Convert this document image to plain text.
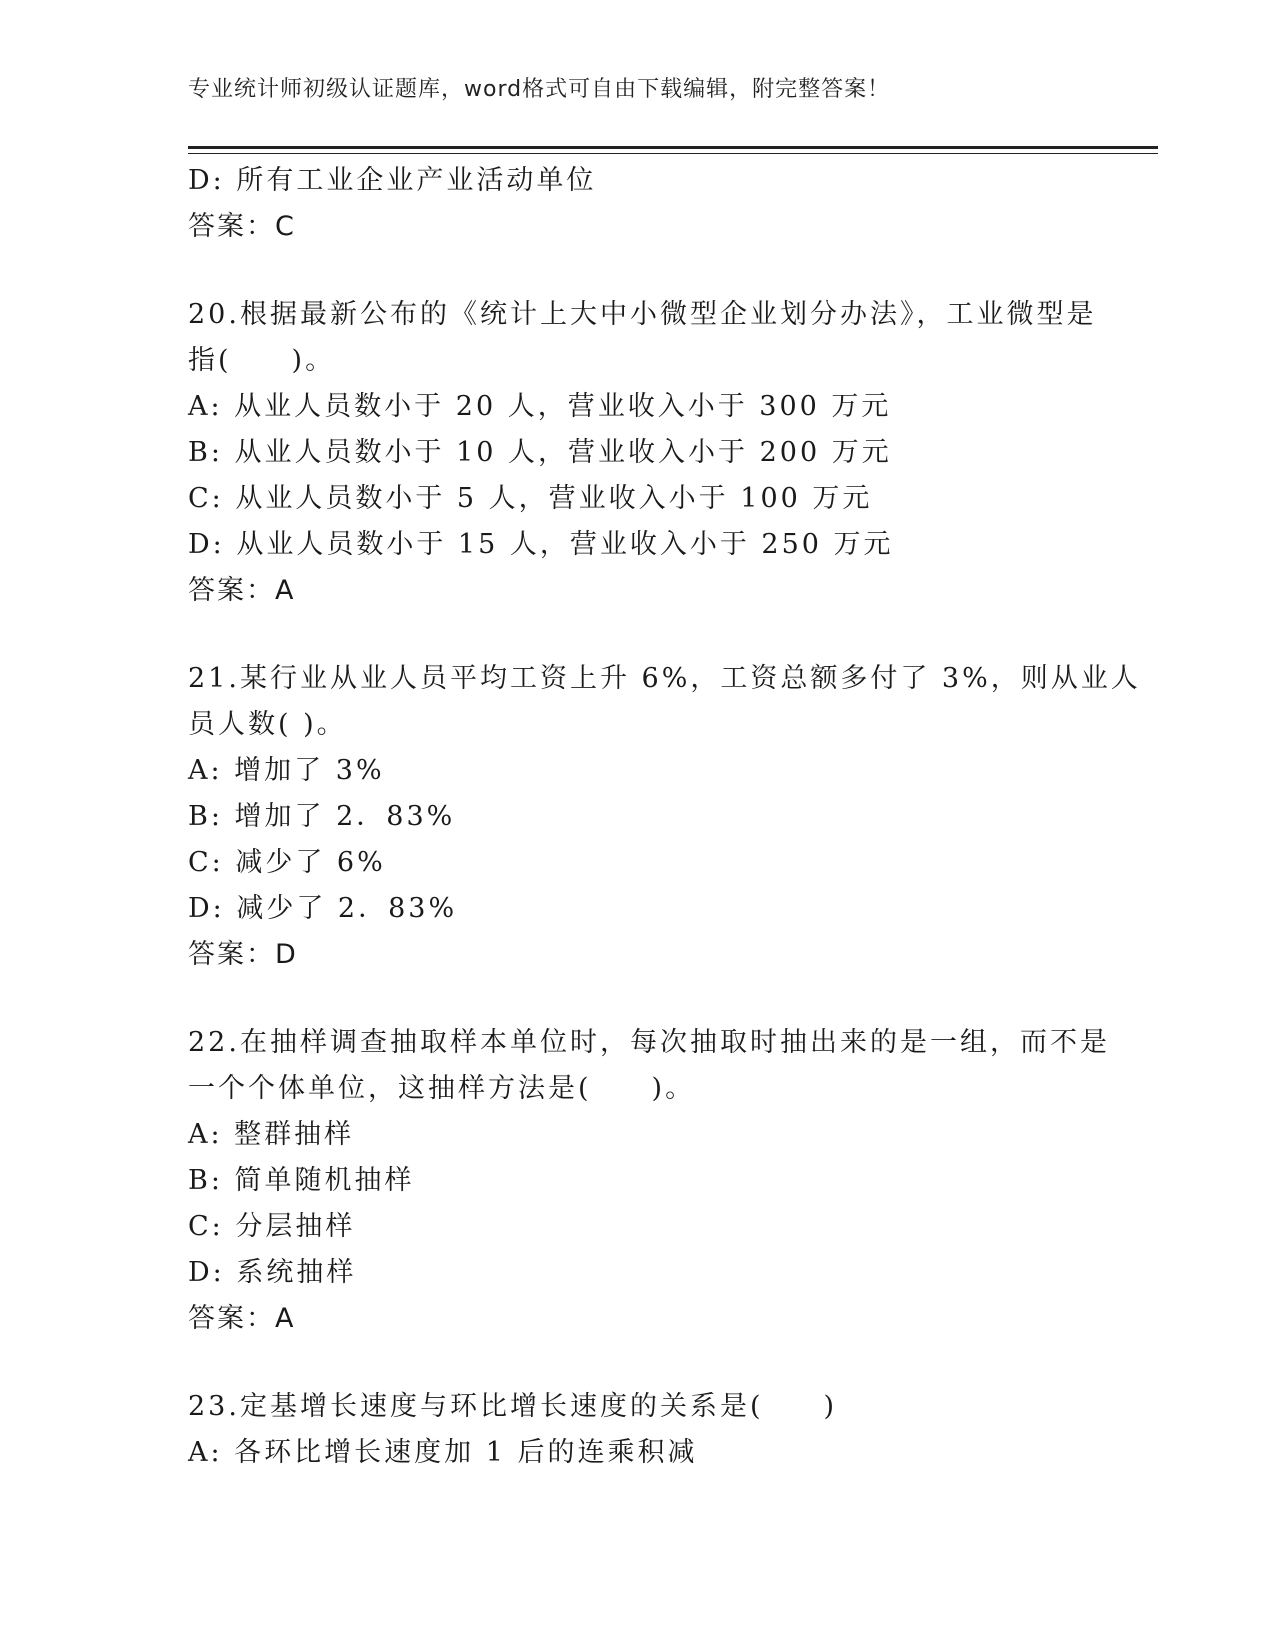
专业统计师初级认证题库，word格式可自由下载编辑，附完整答案！
D: 所有工业企业产业活动单位
答案：C
20.根据最新公布的《统计上大中小微型企业划分办法》，工业微型是
指(　　)。
A: 从业人员数小于 20 人，营业收入小于 300 万元
B: 从业人员数小于 10 人，营业收入小于 200 万元
C: 从业人员数小于 5 人，营业收入小于 100 万元
D: 从业人员数小于 15 人，营业收入小于 250 万元
答案：A
21.某行业从业人员平均工资上升 6%，工资总额多付了 3%，则从业人
员人数( )。
A: 增加了 3%
B: 增加了 2．83%
C: 减少了 6%
D: 减少了 2．83%
答案：D
22.在抽样调查抽取样本单位时，每次抽取时抽出来的是一组，而不是
一个个体单位，这抽样方法是(　　)。
A: 整群抽样
B: 简单随机抽样
C: 分层抽样
D: 系统抽样
答案：A
23.定基增长速度与环比增长速度的关系是(　　)
A: 各环比增长速度加 1 后的连乘积减
